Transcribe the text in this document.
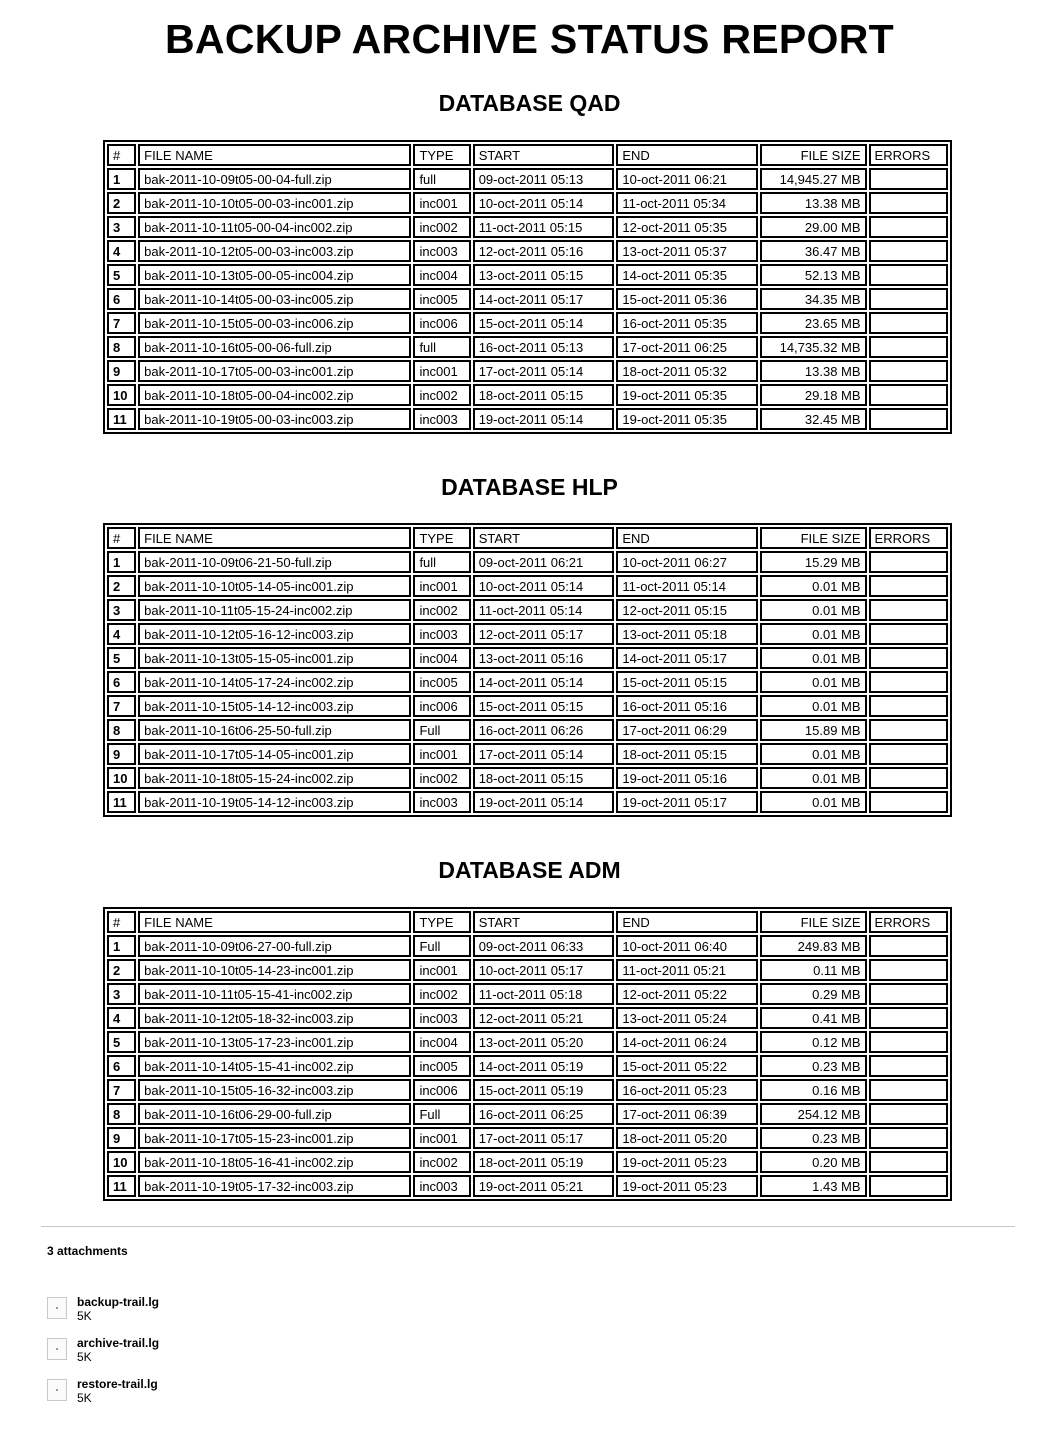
BACKUP ARCHIVE STATUS REPORT
DATABASE QAD
#	FILE NAME	TYPE	START	END	FILE SIZE	ERRORS
1	bak-2011-10-09t05-00-04-full.zip	full	09-oct-2011 05:13	10-oct-2011 06:21	14,945.27 MB	
2	bak-2011-10-10t05-00-03-inc001.zip	inc001	10-oct-2011 05:14	11-oct-2011 05:34	13.38 MB	
3	bak-2011-10-11t05-00-04-inc002.zip	inc002	11-oct-2011 05:15	12-oct-2011 05:35	29.00 MB	
4	bak-2011-10-12t05-00-03-inc003.zip	inc003	12-oct-2011 05:16	13-oct-2011 05:37	36.47 MB	
5	bak-2011-10-13t05-00-05-inc004.zip	inc004	13-oct-2011 05:15	14-oct-2011 05:35	52.13 MB	
6	bak-2011-10-14t05-00-03-inc005.zip	inc005	14-oct-2011 05:17	15-oct-2011 05:36	34.35 MB	
7	bak-2011-10-15t05-00-03-inc006.zip	inc006	15-oct-2011 05:14	16-oct-2011 05:35	23.65 MB	
8	bak-2011-10-16t05-00-06-full.zip	full	16-oct-2011 05:13	17-oct-2011 06:25	14,735.32 MB	
9	bak-2011-10-17t05-00-03-inc001.zip	inc001	17-oct-2011 05:14	18-oct-2011 05:32	13.38 MB	
10	bak-2011-10-18t05-00-04-inc002.zip	inc002	18-oct-2011 05:15	19-oct-2011 05:35	29.18 MB	
11	bak-2011-10-19t05-00-03-inc003.zip	inc003	19-oct-2011 05:14	19-oct-2011 05:35	32.45 MB	
DATABASE HLP
#	FILE NAME	TYPE	START	END	FILE SIZE	ERRORS
1	bak-2011-10-09t06-21-50-full.zip	full	09-oct-2011 06:21	10-oct-2011 06:27	15.29 MB	
2	bak-2011-10-10t05-14-05-inc001.zip	inc001	10-oct-2011 05:14	11-oct-2011 05:14	0.01 MB	
3	bak-2011-10-11t05-15-24-inc002.zip	inc002	11-oct-2011 05:14	12-oct-2011 05:15	0.01 MB	
4	bak-2011-10-12t05-16-12-inc003.zip	inc003	12-oct-2011 05:17	13-oct-2011 05:18	0.01 MB	
5	bak-2011-10-13t05-15-05-inc001.zip	inc004	13-oct-2011 05:16	14-oct-2011 05:17	0.01 MB	
6	bak-2011-10-14t05-17-24-inc002.zip	inc005	14-oct-2011 05:14	15-oct-2011 05:15	0.01 MB	
7	bak-2011-10-15t05-14-12-inc003.zip	inc006	15-oct-2011 05:15	16-oct-2011 05:16	0.01 MB	
8	bak-2011-10-16t06-25-50-full.zip	Full	16-oct-2011 06:26	17-oct-2011 06:29	15.89 MB	
9	bak-2011-10-17t05-14-05-inc001.zip	inc001	17-oct-2011 05:14	18-oct-2011 05:15	0.01 MB	
10	bak-2011-10-18t05-15-24-inc002.zip	inc002	18-oct-2011 05:15	19-oct-2011 05:16	0.01 MB	
11	bak-2011-10-19t05-14-12-inc003.zip	inc003	19-oct-2011 05:14	19-oct-2011 05:17	0.01 MB	
DATABASE ADM
#	FILE NAME	TYPE	START	END	FILE SIZE	ERRORS
1	bak-2011-10-09t06-27-00-full.zip	Full	09-oct-2011 06:33	10-oct-2011 06:40	249.83 MB	
2	bak-2011-10-10t05-14-23-inc001.zip	inc001	10-oct-2011 05:17	11-oct-2011 05:21	0.11 MB	
3	bak-2011-10-11t05-15-41-inc002.zip	inc002	11-oct-2011 05:18	12-oct-2011 05:22	0.29 MB	
4	bak-2011-10-12t05-18-32-inc003.zip	inc003	12-oct-2011 05:21	13-oct-2011 05:24	0.41 MB	
5	bak-2011-10-13t05-17-23-inc001.zip	inc004	13-oct-2011 05:20	14-oct-2011 06:24	0.12 MB	
6	bak-2011-10-14t05-15-41-inc002.zip	inc005	14-oct-2011 05:19	15-oct-2011 05:22	0.23 MB	
7	bak-2011-10-15t05-16-32-inc003.zip	inc006	15-oct-2011 05:19	16-oct-2011 05:23	0.16 MB	
8	bak-2011-10-16t06-29-00-full.zip	Full	16-oct-2011 06:25	17-oct-2011 06:39	254.12 MB	
9	bak-2011-10-17t05-15-23-inc001.zip	inc001	17-oct-2011 05:17	18-oct-2011 05:20	0.23 MB	
10	bak-2011-10-18t05-16-41-inc002.zip	inc002	18-oct-2011 05:19	19-oct-2011 05:23	0.20 MB	
11	bak-2011-10-19t05-17-32-inc003.zip	inc003	19-oct-2011 05:21	19-oct-2011 05:23	1.43 MB	
3 attachments
backup-trail.lg
5K
archive-trail.lg
5K
restore-trail.lg
5K
